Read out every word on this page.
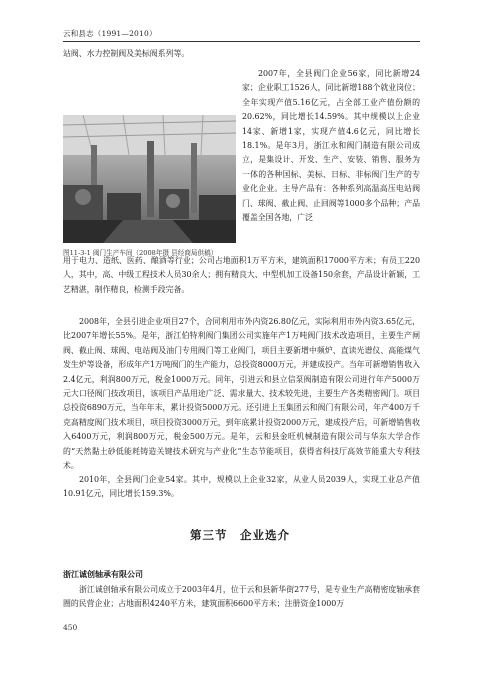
云和县志（1991—2010）

站阀、水力控制阀及美标阀系列等。

2007年，全县阀门企业56家，同比新增24家；企业职工1526人，同比新增188个就业岗位；全年实现产值5.16亿元，占全部工业产值份额的20.62%，同比增长14.59%。其中规模以上企业14家、新增1家，实现产值4.6亿元，同比增长18.1%。是年3月，浙江永和阀门制造有限公司成立，是集设计、开发、生产、安装、销售、服务为一体的各种国标、美标、日标、非标阀门生产的专业化企业。主导产品有：各种系列高温高压电站阀门、球阀、截止阀、止回阀等1000多个品种；产品覆盖全国各地，广泛

图11-3-1 阀门生产车间（2008年摄 县经商局供稿）

用于电力、造纸、医药、酿酒等行业；公司占地面积1万平方米，建筑面积17000平方米；有员工220人，其中，高、中级工程技术人员30余人；拥有精良大、中型机加工设备150余套，产品设计新颖，工艺精湛，制作精良，检测手段完备。

2008年，全县引进企业项目27个，合同利用市外内资26.80亿元，实际利用市外内资3.65亿元，比2007年增长55%。是年，浙江伯特利阀门集团公司实施年产1万吨阀门技术改造项目，主要生产闸阀、截止阀、球阀、电站阀及油门专用阀门等工业阀门，项目主要新增中频炉、直读光谱仪、高能煤气发生炉等设备，形成年产1万吨阀门的生产能力，总投资8000万元，并建成投产。当年可新增销售收入2.4亿元，利润800万元，税金1000万元。同年，引进云和县立信泵阀制造有限公司进行年产5000万元大口径阀门技改项目，该项目产品用途广泛、需求量大、技术较先进，主要生产各类精密阀门。项目总投资6890万元，当年年末，累计投资5000万元。还引进上玉集团云和阀门有限公司，年产400万千克高精度阀门技术项目，项目投资3000万元，到年底累计投资2000万元，建成投产后，可新增销售收入6400万元，利润800万元，税金500万元。是年，云和县金旺机械制造有限公司与华东大学合作的“天然黏土砂低能耗铸造关键技术研究与产业化”生态节能项目，获得省科技厅高效节能重大专利技术。

2010年，全县阀门企业54家。其中，规模以上企业32家，从业人员2039人，实现工业总产值10.91亿元，同比增长159.3%。

第三节　企业选介
浙江诚创轴承有限公司

浙江诚创轴承有限公司成立于2003年4月，位于云和县新华街277号，是专业生产高精密度轴承套圈的民营企业；占地面积4240平方米，建筑面积6600平方米；注册资金1000万

450
